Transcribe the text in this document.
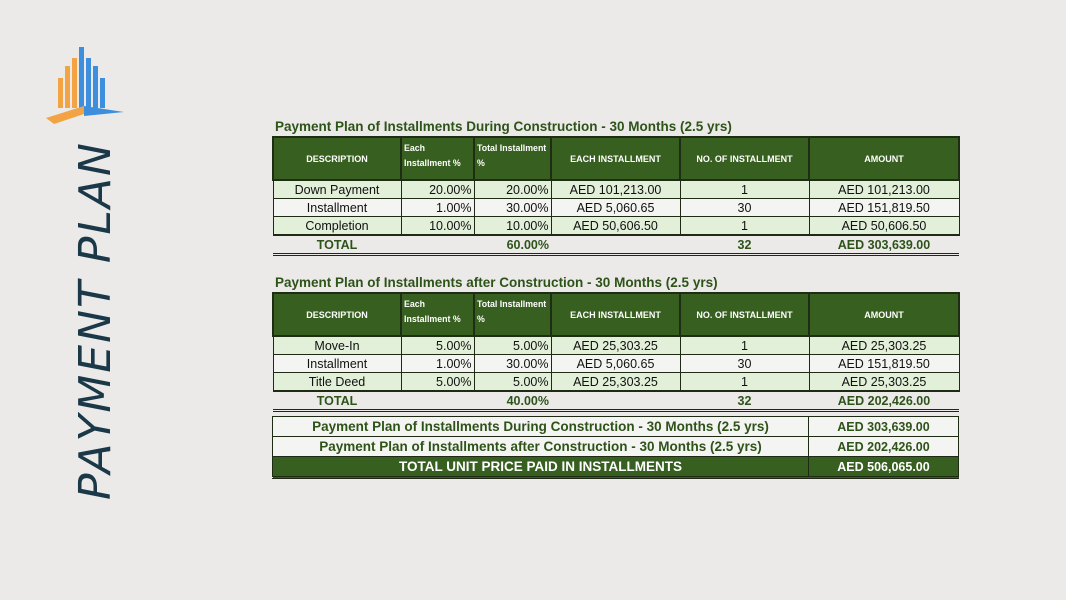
PAYMENT PLAN
Payment Plan of Installments During Construction - 30 Months (2.5 yrs)
DESCRIPTION	Each Installment %	Total Installment %	EACH INSTALLMENT	NO. OF INSTALLMENT	AMOUNT
Down Payment	20.00%	20.00%	AED 101,213.00	1	AED 101,213.00
Installment	1.00%	30.00%	AED 5,060.65	30	AED 151,819.50
Completion	10.00%	10.00%	AED 50,606.50	1	AED 50,606.50
TOTAL		60.00%		32	AED 303,639.00
Payment Plan of Installments after Construction - 30 Months (2.5 yrs)
DESCRIPTION	Each Installment %	Total Installment %	EACH INSTALLMENT	NO. OF INSTALLMENT	AMOUNT
Move-In	5.00%	5.00%	AED 25,303.25	1	AED 25,303.25
Installment	1.00%	30.00%	AED 5,060.65	30	AED 151,819.50
Title Deed	5.00%	5.00%	AED 25,303.25	1	AED 25,303.25
TOTAL		40.00%		32	AED 202,426.00
Payment Plan of Installments During Construction - 30 Months (2.5 yrs)	AED 303,639.00
Payment Plan of Installments after Construction - 30 Months (2.5 yrs)	AED 202,426.00
TOTAL UNIT PRICE PAID IN INSTALLMENTS	AED 506,065.00
